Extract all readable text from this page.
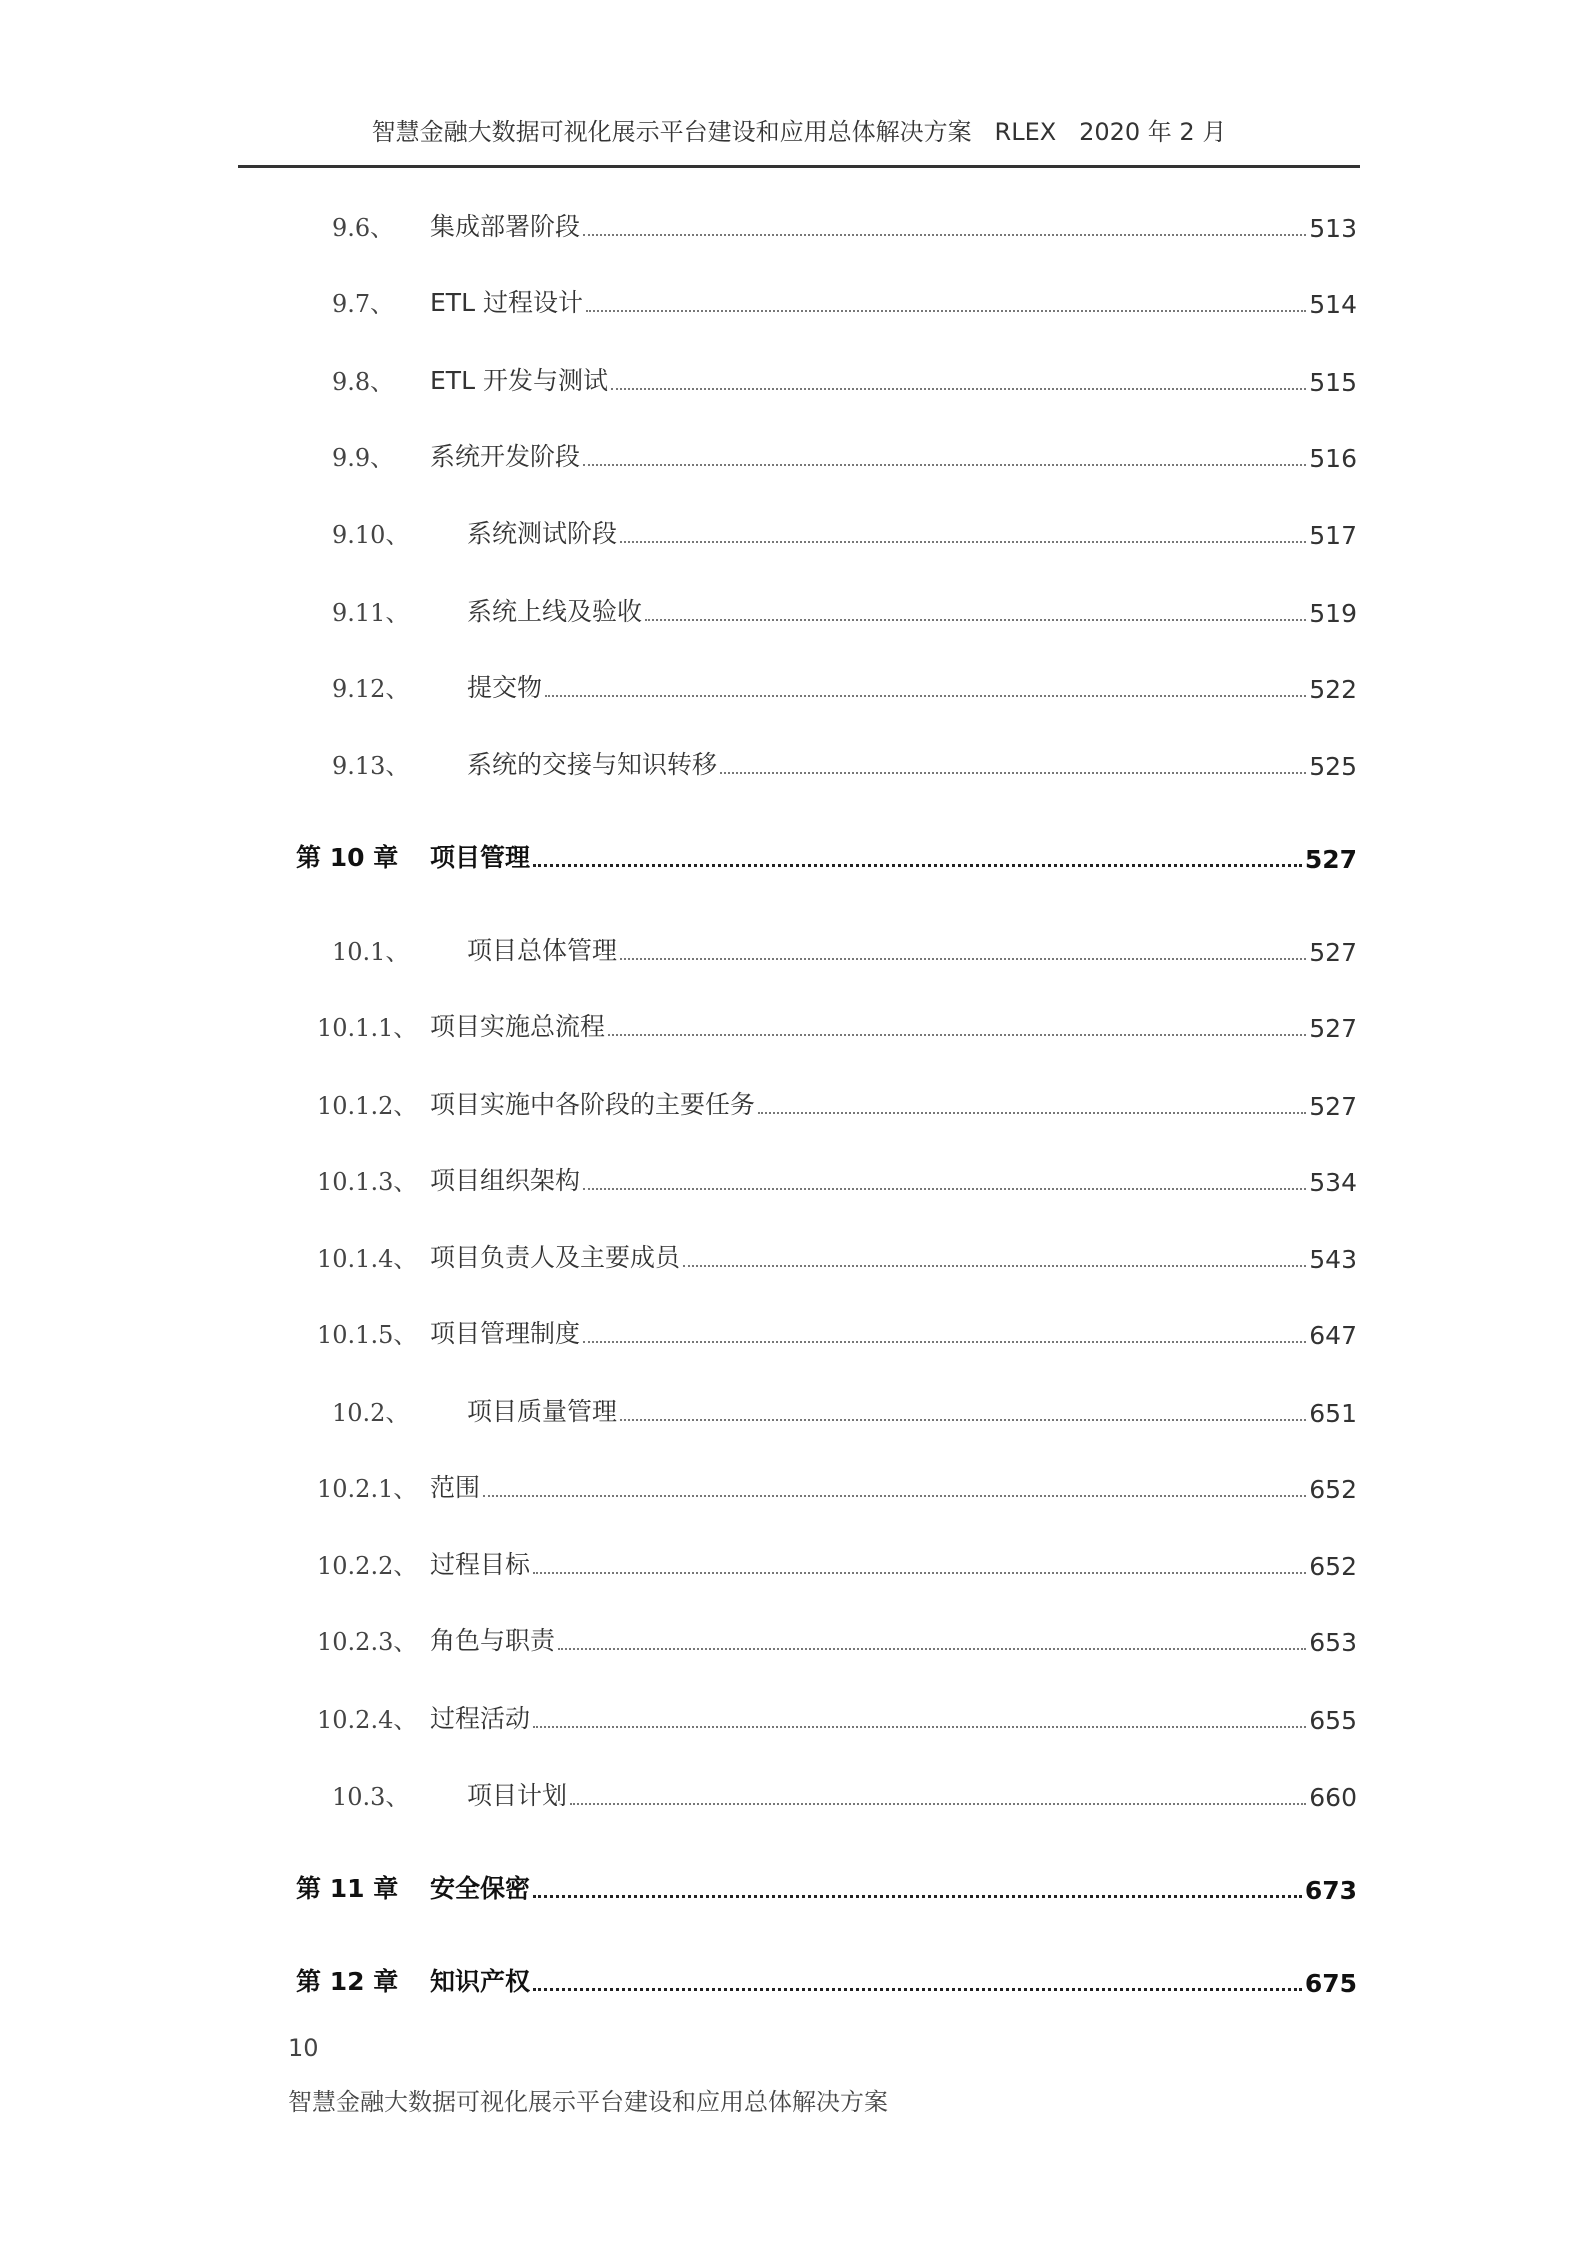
智慧金融大数据可视化展示平台建设和应用总体解决方案 RLEX 2020 年 2 月
9.6、	集成部署阶段	513
9.7、	ETL 过程设计	514
9.8、	ETL 开发与测试	515
9.9、	系统开发阶段	516
9.10、	系统测试阶段	517
9.11、	系统上线及验收	519
9.12、	提交物	522
9.13、	系统的交接与知识转移	525
第 10 章	项目管理	527
10.1、	项目总体管理	527
10.1.1、 项目实施总流程	527
10.1.2、 项目实施中各阶段的主要任务	527
10.1.3、 项目组织架构	534
10.1.4、 项目负责人及主要成员	543
10.1.5、 项目管理制度	647
10.2、	项目质量管理	651
10.2.1、 范围	652
10.2.2、 过程目标	652
10.2.3、 角色与职责	653
10.2.4、 过程活动	655
10.3、	项目计划	660
第 11 章	安全保密	673
第 12 章	知识产权	675
10
智慧金融大数据可视化展示平台建设和应用总体解决方案
